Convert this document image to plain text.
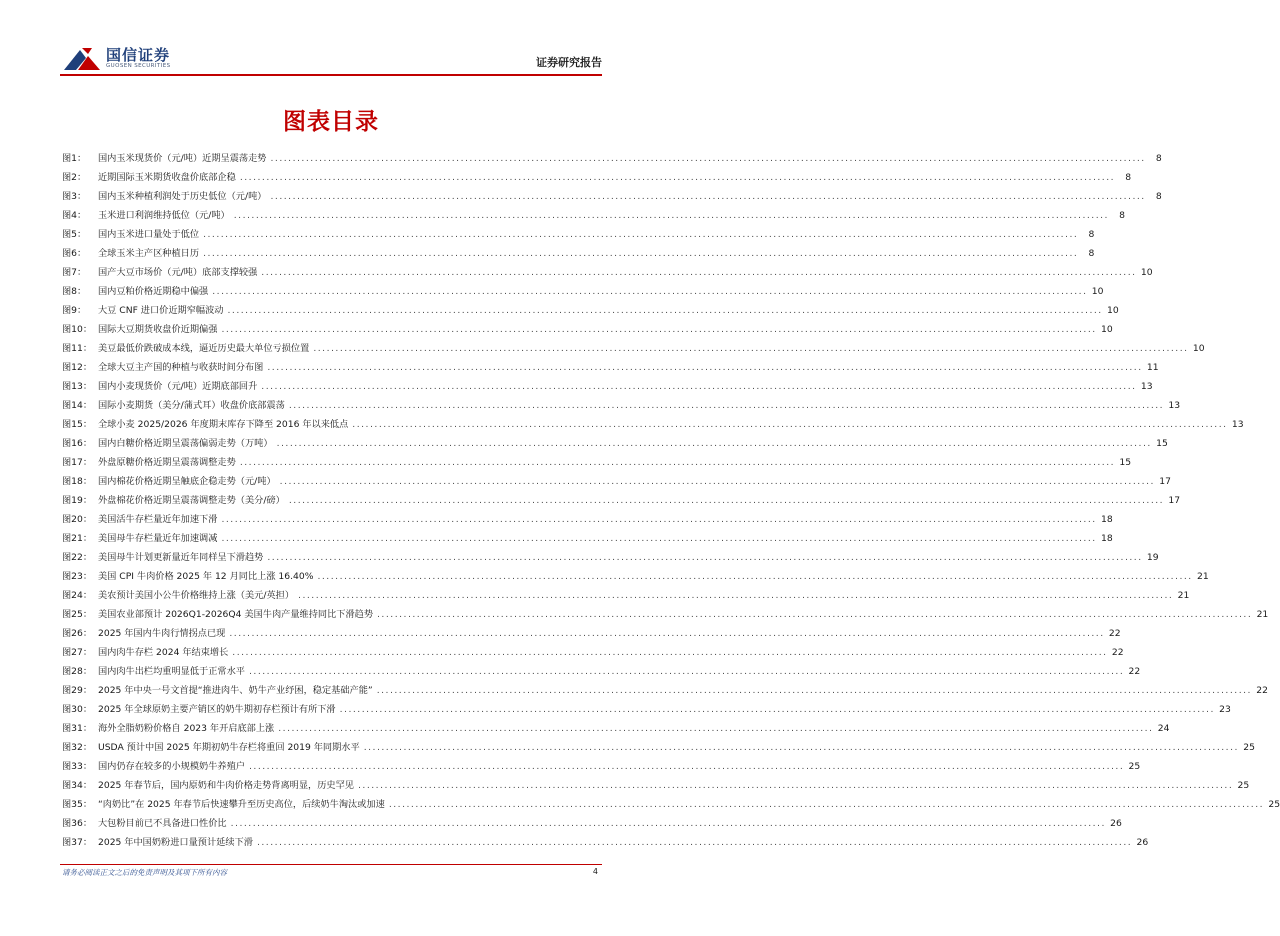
国信证券
GUOSEN SECURITIES	证券研究报告
图表目录
图1：	国内玉米现货价（元/吨）近期呈震荡走势 .....	8
图2：	近期国际玉米期货收盘价底部企稳 .....	8
图3：	国内玉米种植利润处于历史低位（元/吨） .....	8
图4：	玉米进口利润维持低位（元/吨） .....	8
图5：	国内玉米进口量处于低位 .....	8
图6：	全球玉米主产区种植日历 .....	8
图7：	国产大豆市场价（元/吨）底部支撑较强 .....	10
图8：	国内豆粕价格近期稳中偏强 .....	10
图9：	大豆 CNF 进口价近期窄幅波动 .....	10
图10： 国际大豆期货收盘价近期偏强 .....	10
图11： 美豆最低价跌破成本线，逼近历史最大单位亏损位置 .....	10
图12： 全球大豆主产国的种植与收获时间分布图 .....	11
图13： 国内小麦现货价（元/吨）近期底部回升 .....	13
图14： 国际小麦期货（美分/蒲式耳）收盘价底部震荡 .....	13
图15： 全球小麦 2025/2026 年度期末库存下降至 2016 年以来低点 .....	13
图16： 国内白糖价格近期呈震荡偏弱走势（万吨） .....	15
图17： 外盘原糖价格近期呈震荡调整走势 .....	15
图18： 国内棉花价格近期呈触底企稳走势（元/吨） .....	17
图19： 外盘棉花价格近期呈震荡调整走势（美分/磅） .....	17
图20： 美国活牛存栏量近年加速下滑 .....	18
图21： 美国母牛存栏量近年加速调减 .....	18
图22： 美国母牛计划更新量近年同样呈下滑趋势 .....	19
图23： 美国 CPI 牛肉价格 2025 年 12 月同比上涨 16.40% .....	21
图24： 美农预计美国小公牛价格维持上涨（美元/英担） .....	21
图25： 美国农业部预计 2026Q1-2026Q4 美国牛肉产量维持同比下滑趋势 .....	21
图26： 2025 年国内牛肉行情拐点已现 .....	22
图27： 国内肉牛存栏 2024 年结束增长 .....	22
图28： 国内肉牛出栏均重明显低于正常水平 .....	22
图29： 2025 年中央一号文首提“推进肉牛、奶牛产业纾困，稳定基础产能” .....	22
图30： 2025 年全球原奶主要产销区的奶牛期初存栏预计有所下滑 .....	23
图31： 海外全脂奶粉价格自 2023 年开启底部上涨 .....	24
图32： USDA 预计中国 2025 年期初奶牛存栏将重回 2019 年同期水平 .....	25
图33： 国内仍存在较多的小规模奶牛养殖户 .....	25
图34： 2025 年春节后，国内原奶和牛肉价格走势背离明显，历史罕见 .....	25
图35： “肉奶比”在 2025 年春节后快速攀升至历史高位，后续奶牛淘汰或加速 .....	25
图36： 大包粉目前已不具备进口性价比 .....	26
图37： 2025 年中国奶粉进口量预计延续下滑 .....	26
请务必阅读正文之后的免责声明及其项下所有内容	4
